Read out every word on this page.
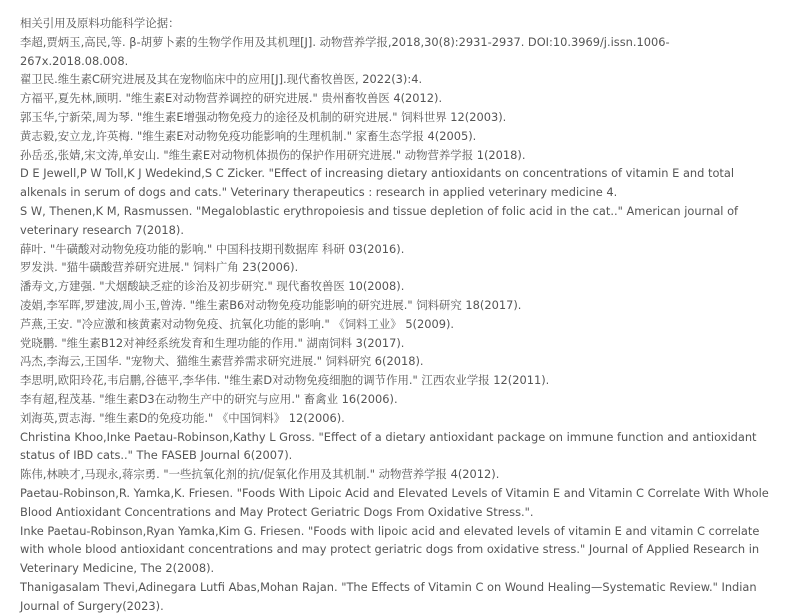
相关引用及原料功能科学论据：

李超,贾炳玉,高民,等. β-胡萝卜素的生物学作用及其机理[J]. 动物营养学报,2018,30(8):2931-2937. DOI:10.3969/j.issn.1006-267x.2018.08.008.
翟卫民.维生素C研究进展及其在宠物临床中的应用[J].现代畜牧兽医, 2022(3):4.
方福平,夏先林,顾明. "维生素E对动物营养调控的研究进展." 贵州畜牧兽医 4(2012).
郭玉华,宁新荣,周为琴. "维生素E增强动物免疫力的途径及机制的研究进展." 饲料世界 12(2003).
黄志毅,安立龙,许英梅. "维生素E对动物免疫功能影响的生理机制." 家畜生态学报 4(2005).
孙岳丞,张婧,宋文涛,单安山. "维生素E对动物机体损伤的保护作用研究进展." 动物营养学报 1(2018).
D E Jewell,P W Toll,K J Wedekind,S C Zicker. "Effect of increasing dietary antioxidants on concentrations of vitamin E and total alkenals in serum of dogs and cats." Veterinary therapeutics : research in applied veterinary medicine 4.
S W, Thenen,K M, Rasmussen. "Megaloblastic erythropoiesis and tissue depletion of folic acid in the cat.." American journal of veterinary research 7(2018).
薛叶. "牛磺酸对动物免疫功能的影响." 中国科技期刊数据库 科研 03(2016).
罗发洪. "猫牛磺酸营养研究进展." 饲料广角 23(2006).
潘寿文,方建强. "犬烟酸缺乏症的诊治及初步研究." 现代畜牧兽医 10(2008).
凌娟,李军晖,罗建波,周小玉,曾涛. "维生素B6对动物免疫功能影响的研究进展." 饲料研究 18(2017).
芦燕,王安. "冷应激和核黄素对动物免疫、抗氧化功能的影响." 《饲料工业》 5(2009).
党晓鹏. "维生素B12对神经系统发育和生理功能的作用." 湖南饲料 3(2017).
冯杰,李海云,王国华. "宠物犬、猫维生素营养需求研究进展." 饲料研究 6(2018).
李思明,欧阳玲花,韦启鹏,谷德平,李华伟. "维生素D对动物免疫细胞的调节作用." 江西农业学报 12(2011).
李有超,程茂基. "维生素D3在动物生产中的研究与应用." 畜禽业 16(2006).
刘海英,贾志海. "维生素D的免疫功能." 《中国饲料》 12(2006).
Christina Khoo,Inke Paetau-Robinson,Kathy L Gross. "Effect of a dietary antioxidant package on immune function and antioxidant status of IBD cats.." The FASEB Journal 6(2007).
陈伟,林映才,马现永,蒋宗勇. "一些抗氧化剂的抗/促氧化作用及其机制." 动物营养学报 4(2012).
Paetau-Robinson,R. Yamka,K. Friesen. "Foods With Lipoic Acid and Elevated Levels of Vitamin E and Vitamin C Correlate With Whole Blood Antioxidant Concentrations and May Protect Geriatric Dogs From Oxidative Stress.".
Inke Paetau-Robinson,Ryan Yamka,Kim G. Friesen. "Foods with lipoic acid and elevated levels of vitamin E and vitamin C correlate with whole blood antioxidant concentrations and may protect geriatric dogs from oxidative stress." Journal of Applied Research in Veterinary Medicine, The 2(2008).
Thanigasalam Thevi,Adinegara Lutfi Abas,Mohan Rajan. "The Effects of Vitamin C on Wound Healing—Systematic Review." Indian Journal of Surgery(2023).
